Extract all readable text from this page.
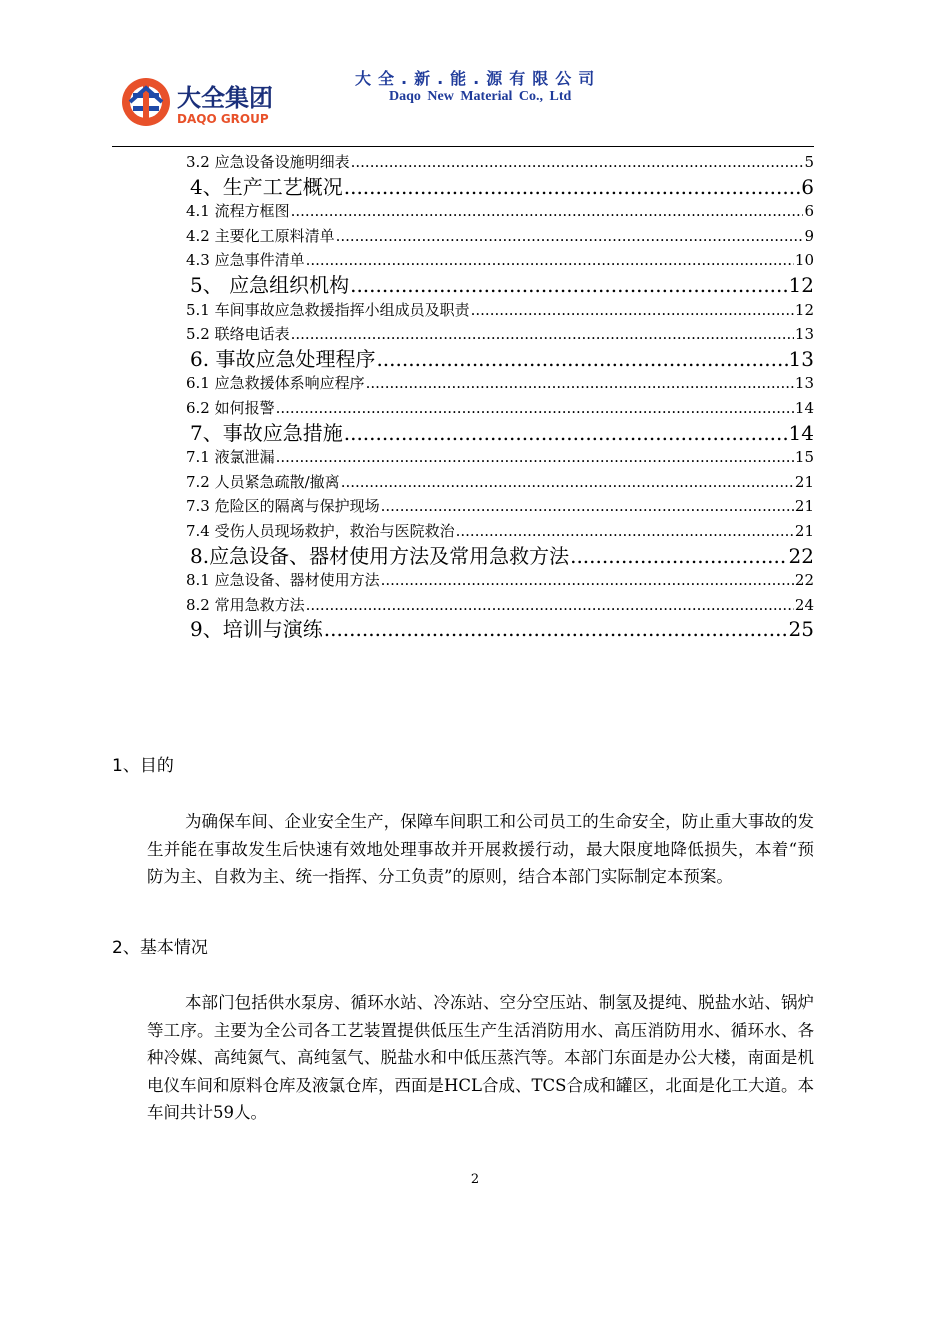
大全集团
DAQO GROUP
大全.新.能.源有限公司
Daqo New Material Co., Ltd
3.2 应急设备设施明细表 .....	5
4、生产工艺概况 .....	6
4.1 流程方框图 .....	6
4.2 主要化工原料清单 .....	9
4.3 应急事件清单 .....	10
5、 应急组织机构 .....	12
5.1 车间事故应急救援指挥小组成员及职责 .....	12
5.2 联络电话表 .....	13
6. 事故应急处理程序 .....	13
6.1 应急救援体系响应程序 .....	13
6.2 如何报警 .....	14
7、事故应急措施 .....	14
7.1 液氯泄漏 .....	15
7.2 人员紧急疏散/撤离 .....	21
7.3 危险区的隔离与保护现场 .....	21
7.4 受伤人员现场救护，救治与医院救治 .....	21
8.应急设备、器材使用方法及常用急救方法 .....	22
8.1 应急设备、器材使用方法 .....	22
8.2 常用急救方法 .....	24
9、培训与演练 .....	25
1、目的
为确保车间、企业安全生产，保障车间职工和公司员工的生命安全，防止重大事故的发生并能在事故发生后快速有效地处理事故并开展救援行动，最大限度地降低损失，本着“预防为主、自救为主、统一指挥、分工负责”的原则，结合本部门实际制定本预案。
2、基本情况
本部门包括供水泵房、循环水站、冷冻站、空分空压站、制氢及提纯、脱盐水站、锅炉等工序。主要为全公司各工艺装置提供低压生产生活消防用水、高压消防用水、循环水、各种冷媒、高纯氮气、高纯氢气、脱盐水和中低压蒸汽等。本部门东面是办公大楼，南面是机电仪车间和原料仓库及液氯仓库，西面是HCL合成、TCS合成和罐区，北面是化工大道。本车间共计59人。
2
